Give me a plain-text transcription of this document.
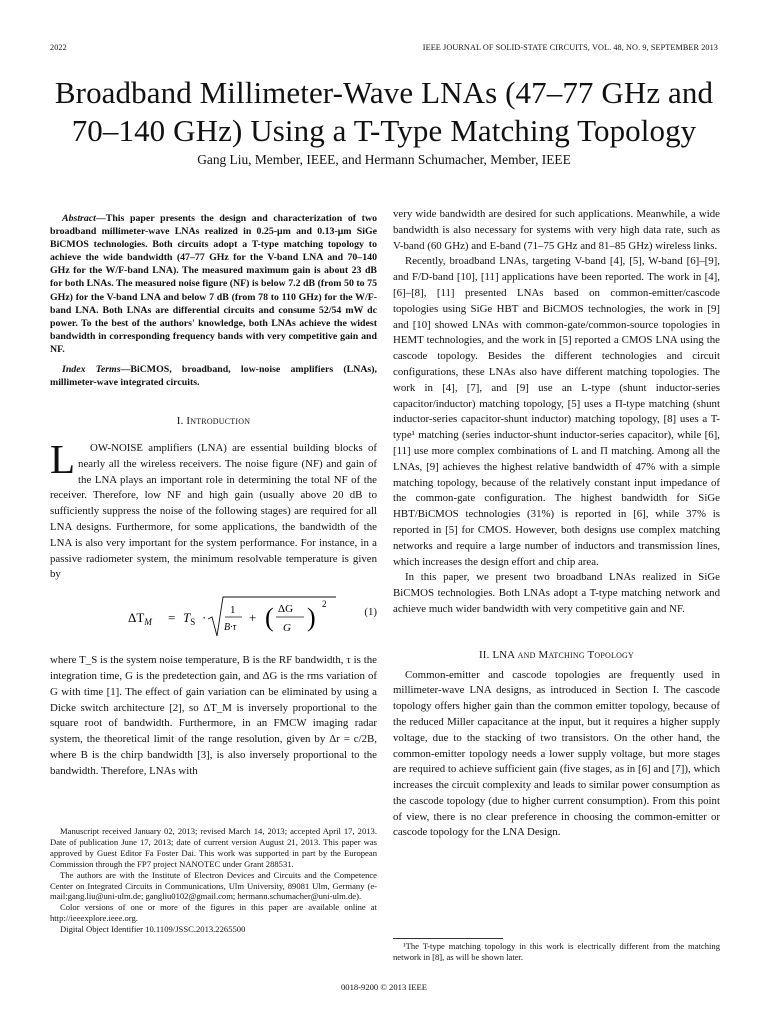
2022	IEEE JOURNAL OF SOLID-STATE CIRCUITS, VOL. 48, NO. 9, SEPTEMBER 2013
Broadband Millimeter-Wave LNAs (47–77 GHz and
70–140 GHz) Using a T-Type Matching Topology
Gang Liu, Member, IEEE, and Hermann Schumacher, Member, IEEE

Abstract—This paper presents the design and characterization of two broadband millimeter-wave LNAs realized in 0.25-μm and 0.13-μm SiGe BiCMOS technologies. Both circuits adopt a T-type matching topology to achieve the wide bandwidth (47–77 GHz for the V-band LNA and 70–140 GHz for the W/F-band LNA). The measured maximum gain is about 23 dB for both LNAs. The measured noise figure (NF) is below 7.2 dB (from 50 to 75 GHz) for the V-band LNA and below 7 dB (from 78 to 110 GHz) for the W/F-band LNA. Both LNAs are differential circuits and consume 52/54 mW dc power. To the best of the authors' knowledge, both LNAs achieve the widest bandwidth in corresponding frequency bands with very competitive gain and NF.

Index Terms—BiCMOS, broadband, low-noise amplifiers (LNAs), millimeter-wave integrated circuits.

I. Introduction

L OW-NOISE amplifiers (LNA) are essential building blocks of nearly all the wireless receivers. The noise figure (NF) and gain of the LNA plays an important role in determining the total NF of the receiver. Therefore, low NF and high gain (usually above 20 dB to sufficiently suppress the noise of the following stages) are required for all LNA designs. Furthermore, for some applications, the bandwidth of the LNA is also very important for the system performance. For instance, in a passive radiometer system, the minimum resolvable temperature is given by

$\Delta T_M = T_S \cdot 1$
B·τ
+ ( ΔG
G ) 2
(1)

where T_S is the system noise temperature, B is the RF bandwidth, τ is the integration time, G is the predetection gain, and ΔG is the rms variation of G with time [1]. The effect of gain variation can be eliminated by using a Dicke switch architecture [2], so ΔT_M is inversely proportional to the square root of bandwidth. Furthermore, in an FMCW imaging radar system, the theoretical limit of the range resolution, given by Δr = c/2B, where B is the chirp bandwidth [3], is also inversely proportional to the bandwidth. Therefore, LNAs with

Manuscript received January 02, 2013; revised March 14, 2013; accepted April 17, 2013. Date of publication June 17, 2013; date of current version August 21, 2013. This paper was approved by Guest Editor Fa Foster Dai. This work was supported in part by the European Commission through the FP7 project NANOTEC under Grant 288531.

The authors are with the Institute of Electron Devices and Circuits and the Competence Center on Integrated Circuits in Communications, Ulm University, 89081 Ulm, Germany (e-mail:gang.liu@uni-ulm.de; gangliu0102@gmail.com; hermann.schumacher@uni-ulm.de).

Color versions of one or more of the figures in this paper are available online at http://ieeexplore.ieee.org.

Digital Object Identifier 10.1109/JSSC.2013.2265500

very wide bandwidth are desired for such applications. Meanwhile, a wide bandwidth is also necessary for systems with very high data rate, such as V-band (60 GHz) and E-band (71–75 GHz and 81–85 GHz) wireless links.

Recently, broadband LNAs, targeting V-band [4], [5], W-band [6]–[9], and F/D-band [10], [11] applications have been reported. The work in [4], [6]–[8], [11] presented LNAs based on common-emitter/cascode topologies using SiGe HBT and BiCMOS technologies, the work in [9] and [10] showed LNAs with common-gate/common-source topologies in HEMT technologies, and the work in [5] reported a CMOS LNA using the cascode topology. Besides the different technologies and circuit configurations, these LNAs also have different matching topologies. The work in [4], [7], and [9] use an L-type (shunt inductor-series capacitor/inductor) matching topology, [5] uses a Π-type matching (shunt inductor-series capacitor-shunt inductor) matching topology, [8] uses a T-type¹ matching (series inductor-shunt inductor-series capacitor), while [6], [11] use more complex combinations of L and Π matching. Among all the LNAs, [9] achieves the highest relative bandwidth of 47% with a simple matching topology, because of the relatively constant input impedance of the common-gate configuration. The highest bandwidth for SiGe HBT/BiCMOS technologies (31%) is reported in [6], while 37% is reported in [5] for CMOS. However, both designs use complex matching networks and require a large number of inductors and transmission lines, which increases the design effort and chip area.

In this paper, we present two broadband LNAs realized in SiGe BiCMOS technologies. Both LNAs adopt a T-type matching network and achieve much wider bandwidth with very competitive gain and NF.

II. LNA and Matching Topology

Common-emitter and cascode topologies are frequently used in millimeter-wave LNA designs, as introduced in Section I. The cascode topology offers higher gain than the common emitter topology, because of the reduced Miller capacitance at the input, but it requires a higher supply voltage, due to the stacking of two transistors. On the other hand, the common-emitter topology needs a lower supply voltage, but more stages are required to achieve sufficient gain (five stages, as in [6] and [7]), which increases the circuit complexity and leads to similar power consumption as the cascode topology (due to higher current consumption). From this point of view, there is no clear preference in choosing the common-emitter or cascode topology for the LNA Design.

¹The T-type matching topology in this work is electrically different from the matching network in [8], as will be shown later.
0018-9200 © 2013 IEEE
